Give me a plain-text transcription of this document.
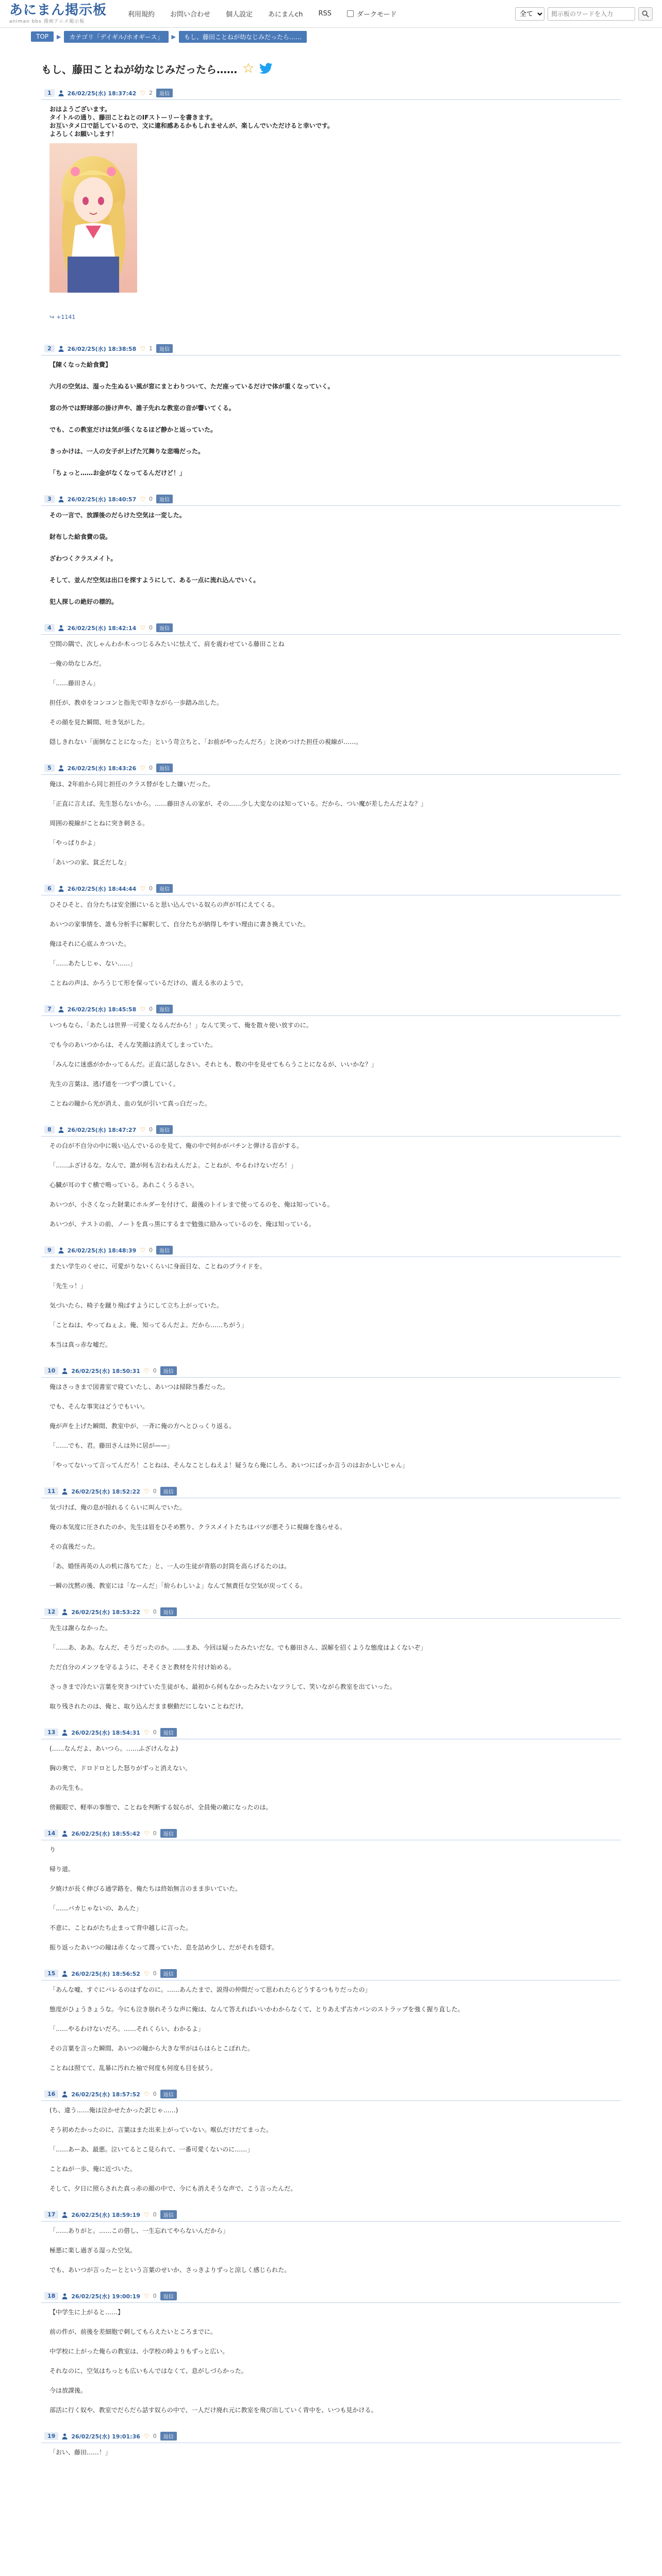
あにまん掲示板
animan bbs 漫画アニメ掲示板
利用規約 お問い合わせ 個人設定 あにまんch RSS	ダークモード
全て
掲示板のワードを入力
TOP	▶	カテゴリ「デイギル/ホオギース」	▶	もし、藤田ことねが幼なじみだったら……
もし、藤田ことねが幼なじみだったら…… ☆
1	26/02/25(水) 18:37:42 ♡ 2	返信

おはようございます。

タイトルの通り、藤田ことねとのIFストーリーを書きます。

お互いタメ口で話しているので、文に違和感あるかもしれませんが、楽しんでいただけると幸いです。

よろしくお願いします！

↪ +1141
2	26/02/25(水) 18:38:58 ♡ 1	返信

【陳くなった給食費】

六月の空気は、湿った生ぬるい風が窓にまとわりついて、ただ座っているだけで体が重くなっていく。

窓の外では野球部の掛け声や、誰子先れな教室の音が響いてくる。

でも、この教室だけは気が張くなるほど静かと返っていた。

きっかけは、一人の女子が上げた冗舞りな悲鳴だった。

「ちょっと……お金がなくなってるんだけど！」

3	26/02/25(水) 18:40:57 ♡ 0	返信

その一言で、放課後のだらけた空気は一変した。

財布した給食費の袋。

ざわつくクラスメイト。

そして、並んだ空気は出口を探すようにして、ある一点に流れ込んでいく。

犯人探しの絶好の標的。

4	26/02/25(水) 18:42:14 ♡ 0	返信

空間の隅で、次しゃんわか木っつじるみたいに怯えて、肩を震わせている藤田ことね

一俺の幼なじみだ。

「……藤田さん」

担任が、教卓をコンコンと指先で叩きながら一歩踏み出した。

その顔を見た瞬間、吐き気がした。

隠しきれない「面倒なことになった」という苛立ちと、「お前がやったんだろ」と決めつけた担任の視線が……。

5	26/02/25(水) 18:43:26 ♡ 0	返信

俺は、2年前から同じ担任のクラス替がをした嫌いだった。

「正直に言えば、先生怒らないから。……藤田さんの家が、その……少し大変なのは知っている。だから、つい魔が差したんだよな？」

周囲の視線がことねに突き刺さる。

「やっぱりかよ」

「あいつの家、貧乏だしな」

6	26/02/25(水) 18:44:44 ♡ 0	返信

ひそひそと、自分たちは安全圏にいると思い込んでいる奴らの声が耳にえてくる。

あいつの家事情を、誰も分析手に解釈して、自分たちが納得しやすい理由に書き換えていた。

俺はそれに心底ムカついた。

「……あたしじゃ、ない……」

ことねの声は、かろうじて形を保っているだけの、震える氷のようで。

7	26/02/25(水) 18:45:58 ♡ 0	返信

いつもなら、「あたしは世界一可愛くなるんだから！」なんて笑って、俺を散々使い放すのに。

でも今のあいつからは、そんな笑顔は消えてしまっていた。

「みんなに迷惑がかかってるんだ。正直に話しなさい。それとも、数の中を見せてもらうことになるが、いいかな？」

先生の言葉は、逃げ道を一つずつ潰していく。

ことねの瞳から光が消え、血の気が引いて真っ白だった。

8	26/02/25(水) 18:47:27 ♡ 0	返信

その白が不自分の中に吸い込んでいるのを見て、俺の中で何かがパチンと弾ける音がする。

「……ふざけるな。なんで、誰が何も言わねえんだよ。ことねが、やるわけないだろ！」

心臓が耳のすぐ横で鳴っている。あれこくうるさい。

あいつが、小さくなった財業にホルダーを付けて、最後のトイレまで使ってるのを、俺は知っている。

あいつが、テストの前、ノートを真っ黒にするまで勉強に励みっているのを、俺は知っている。

9	26/02/25(水) 18:48:39 ♡ 0	返信

またい学生のくせに、可愛がりないくらいに身面目な、ことねのプライドを。

「先生っ！」

気づいたら、椅子を蹴り飛ばすようにして立ち上がっていた。

「ことねは、やってねぇよ。俺、知ってるんだよ。だから……ちがう」

本当は真っ赤な嘘だ。

10	26/02/25(水) 18:50:31 ♡ 0	返信

俺はさっきまで図書室で寝ていたし、あいつは掃除当番だった。

でも、そんな事実はどうでもいい。

俺が声を上げた瞬間、教室中が、一斉に俺の方へとひっくり返る。

「……でも、君。藤田さんは外に居が——」

「やってないって言ってんだろ！ことねは、そんなことしねえよ！疑うなら俺にしろ、あいつにばっか言うのはおかしいじゃん」

11	26/02/25(水) 18:52:22 ♡ 0	返信

気づけば、俺の息が掠れるくらいに叫んでいた。

俺の本気度に圧されたのか、先生は眉をひそめ黙り、クラスメイトたちはバツが悪そうに視線を逸らせる。

その直後だった。

「あ、婚怪再英の人の机に落ちてた」と、一人の生徒が背筋の封筒を高らげるたのは。

一瞬の沈黙の後、教室には「なーんだ」「紛らわしいよ」なんて無責任な空気が戻ってくる。

12	26/02/25(水) 18:53:22 ♡ 0	返信

先生は謝らなかった。

「……あ、ああ。なんだ、そうだったのか。……まあ、今回は疑ったみたいだな。でも藤田さん、誤解を招くような態度はよくないぞ」

ただ自分のメンツを守るように、そそくさと教材を片付け始める。

さっきまで冷たい言葉を突きつけていた生徒がも、最初から何もなかったみたいなツラして、笑いながら教室を出ていった。

取り残されたのは、俺と、取り込んだまま樹動だにしないことねだけ。

13	26/02/25(水) 18:54:31 ♡ 0	返信

(……なんだよ、あいつら。……ふざけんなよ)

胸の奥で、ドロドロとした怒りがずっと消えない。

あの先生も。

傍観眼で、軽率の事態で、ことねを判断する奴らが、全員俺の敵になったのは。

14	26/02/25(水) 18:55:42 ♡ 0	返信

り

帰り道。

夕焼けが長く伸びる通学路を、俺たちは終始無言のまま歩いていた。

「……バカじゃないの、あんた」

不意に、ことねがたち止まって背中越しに言った。

振り返ったあいつの瞳は赤くなって潤っていた、息を詰め少し、だがそれを隠す。

15	26/02/25(水) 18:56:52 ♡ 0	返信

「あんな嘘、すぐにバレるのはずなのに。……あんたまで、説得の仲間だって思われたらどうするつもりだったの」

態度がひょうきょうな。今にも泣き崩れそうな声に俺は、なんて答えればいいかわからなくて、とりあえず古カバンのストラップを強く握り直した。

「……やるわけないだろ。……それくらい、わかるよ」

その言葉を言った瞬間、あいつの瞳から大きな雫がはらはらとこぼれた。

ことねは照てて、乱暴に汚れた袖で何度も何度も目を拭う。

16	26/02/25(水) 18:57:52 ♡ 0	返信

(ち、違う……俺は泣かせたかった訳じゃ……)

そう初めたかったのに、言葉はまた出来上がっていない。喉仏だけだてまった。

「……あーあ、最悪。泣いてるとこ見られて、一番可愛くないのに……」

ことねが一歩、俺に近づいた。

そして、夕日に照らされた真っ赤の顔の中で、今にも消えそうな声で、こう言ったんだ。

17	26/02/25(水) 18:59:19 ♡ 0	返信

「……ありがと。……この借し、一生忘れてやらないんだから」

極悪に楽し過ぎる湿った空気。

でも、あいつが言ったーとという言葉のせいか、さっきよりずっと涼しく感じられた。

18	26/02/25(水) 19:00:19 ♡ 0	返信

【中学生に上がると……】

前の件が、前後を差細胞で刺してもらえたいところまでに。

中学校に上がった俺らの教室は、小学校の時よりもずっと広い。

それなのに、空気はちっとも広いもんではなくて、息がしづらかった。

今は放課後。

部活に行く奴や、教室でだらだら話す奴らの中で、一人だけ廃れ元に教室を飛び出していく背中を、いつも見かける。

19	26/02/25(水) 19:01:36 ♡ 0	返信

「おい、藤田……！」
